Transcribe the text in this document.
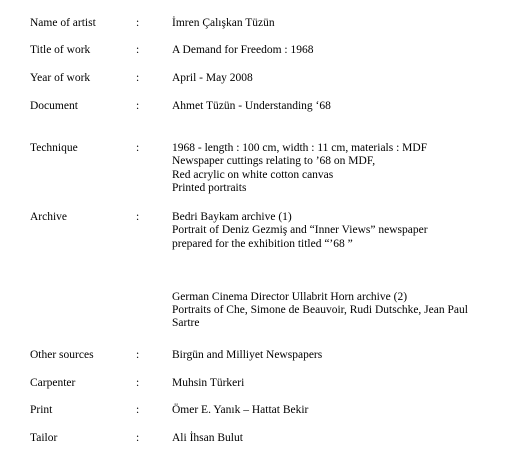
Name of artist	:	İmren Çalışkan Tüzün
Title of work	:	A Demand for Freedom : 1968
Year of work	:	April - May 2008
Document	:	Ahmet Tüzün - Understanding ‘68
Technique	:	1968 - length : 100 cm, width : 11 cm, materials : MDF
Newspaper cuttings relating to ’68 on MDF,
Red acrylic on white cotton canvas
Printed portraits
Archive	:	Bedri Baykam archive (1)
Portrait of Deniz Gezmiş and “Inner Views” newspaper
prepared for the exhibition titled “’68 ”
German Cinema Director Ullabrit Horn archive (2)
Portraits of Che, Simone de Beauvoir, Rudi Dutschke, Jean Paul
Sartre
Other sources	:	Birgün and Milliyet Newspapers
Carpenter	:	Muhsin Türkeri
Print	:	Ömer E. Yanık – Hattat Bekir
Tailor	:	Ali İhsan Bulut
